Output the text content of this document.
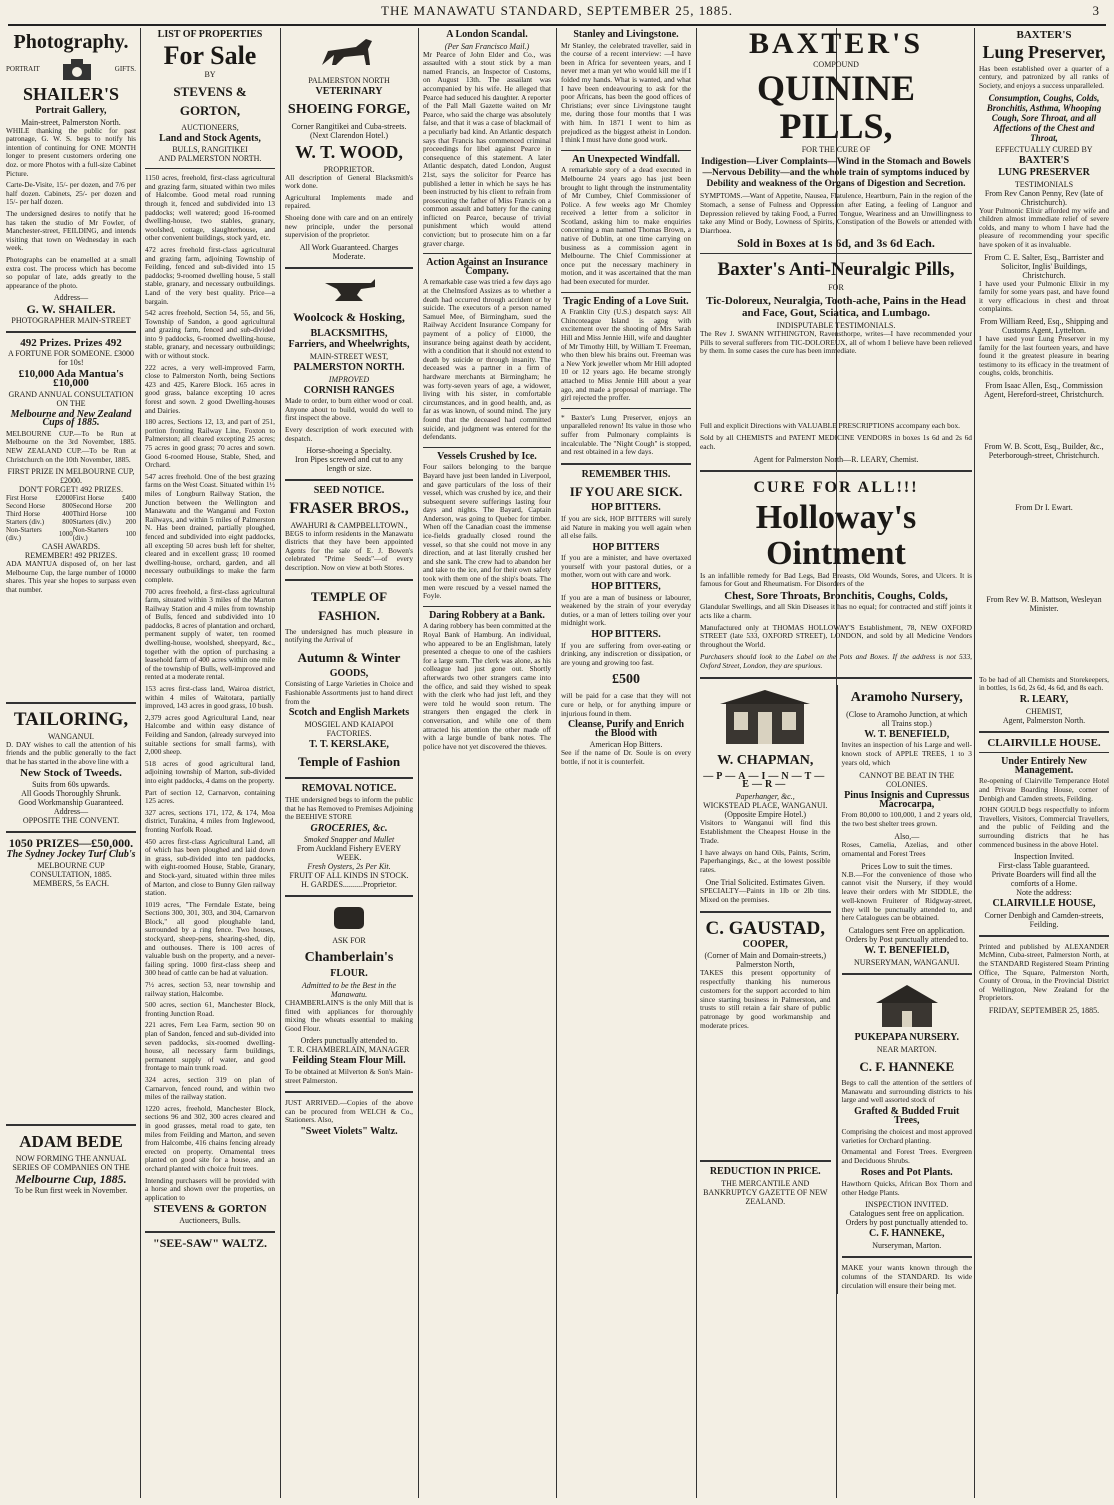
THE MANAWATU STANDARD, SEPTEMBER 25, 1885.	3
Photography.
PORTRAIT	GIFTS.
SHAILER'S
Portrait Gallery,
Main-street, Palmerston North.

WHILE thanking the public for past patronage, G. W. S. begs to notify his intention of continuing for ONE MONTH longer to present customers ordering one doz. or more Photos with a full-size Cabinet Picture.

Carte-De-Visite, 15/- per dozen, and 7/6 per half dozen. Cabinets, 25/- per dozen and 15/- per half dozen.

The undersigned desires to notify that he has taken the studio of Mr Fowler, of Manchester-street, FEILDING, and intends visiting that town on Wednesday in each week.

Photographs can be enamelled at a small extra cost. The process which has become so popular of late, adds greatly to the appearance of the photo.

Address—
G. W. SHAILER.
PHOTOGRAPHER MAIN-STREET
492 Prizes. Prizes 492
A FORTUNE FOR SOMEONE. £3000 for 10s!
£10,000 Ada Mantua's £10,000
GRAND ANNUAL CONSULTATION ON THE
Melbourne and New Zealand Cups of 1885.

MELBOURNE CUP.—To be Run at Melbourne on the 3rd November, 1885. NEW ZEALAND CUP.—To be Run at Christchurch on the 10th November, 1885.

FIRST PRIZE IN MELBOURNE CUP, £2000.
DON'T FORGET! 492 PRIZES.
First Horse	£2000	First Horse	£400
Second Horse	800	Second Horse	200
Third Horse	400	Third Horse	100
Starters (div.)	800	Starters (div.)	200
Non-Starters (div.)	1000	Non-Starters (div.)	100
CASH AWARDS.
REMEMBER! 492 PRIZES.

ADA MANTUA disposed of, on her last Melbourne Cup, the large number of 10000 shares. This year she hopes to surpass even that number.

TAILORING,
WANGANUI.

D. DAY wishes to call the attention of his friends and the public generally to the fact that he has started in the above line with a

New Stock of Tweeds.
Suits from 60s upwards.
All Goods Thoroughly Shrunk.
Good Workmanship Guaranteed.
Address—
OPPOSITE THE CONVENT.
1050 PRIZES—£50,000.
The Sydney Jockey Turf Club's
MELBOURNE CUP CONSULTATION, 1885.
MEMBERS, 5s EACH.
ADAM BEDE
NOW FORMING THE ANNUAL SERIES OF COMPANIES ON THE
Melbourne Cup, 1885.
To be Run first week in November.
LIST OF PROPERTIES
For Sale
BY
STEVENS & GORTON,
AUCTIONEERS,
Land and Stock Agents,
BULLS, RANGITIKEI
AND PALMERSTON NORTH.

1150 acres, freehold, first-class agricultural and grazing farm, situated within two miles of Halcombe. Good metal road running through it, fenced and subdivided into 13 paddocks; well watered; good 16-roomed dwelling-house, two stables, granary, woolshed, cottage, slaughterhouse, and other convenient buildings, stock yard, etc.

472 acres freehold first-class agricultural and grazing farm, adjoining Township of Feilding, fenced and sub-divided into 15 paddocks; 9-roomed dwelling house, 5 stall stable, granary, and necessary outbuildings. Land of the very best quality. Price—a bargain.

542 acres freehold, Section 54, 55, and 56, Township of Sandon, a good agricultural and grazing farm, fenced and sub-divided into 9 paddocks, 6-roomed dwelling-house, stable, granary, and necessary outbuildings; with or without stock.

222 acres, a very well-improved Farm, close to Palmerston North, being Sections 423 and 425, Karere Block. 165 acres in good grass, balance excepting 10 acres forest and sown. 2 good Dwelling-houses and Dairies.

180 acres, Sections 12, 13, and part of 251, portion fronting Railway Line, Foxton to Palmerston; all cleared excepting 25 acres; 75 acres in good grass; 70 acres and sown. Good 6-roomed House, Stable, Shed, and Orchard.

547 acres freehold. One of the best grazing farms on the West Coast. Situated within 1½ miles of Longburn Railway Station, the Junction between the Wellington and Manawatu and the Wanganui and Foxton Railways, and within 5 miles of Palmerston N. Has been drained, partially ploughed, fenced and subdivided into eight paddocks, all excepting 50 acres bush left for shelter, cleared and in excellent grass; 10 roomed dwelling-house, orchard, garden, and all necessary outbuildings to make the farm complete.

700 acres freehold, a first-class agricultural farm, situated within 3 miles of the Marton Railway Station and 4 miles from township of Bulls, fenced and subdivided into 10 paddocks, 8 acres of plantation and orchard, permanent supply of water, ten roomed dwelling-house, woolshed, sheepyard, &c., together with the option of purchasing a leasehold farm of 400 acres within one mile of the township of Bulls, well-improved and rented at a moderate rental.

153 acres first-class land, Wairoa district, within 4 miles of Waitotara, partially improved, 143 acres in good grass, 10 bush.

2,379 acres good Agricultural Land, near Halcombe and within easy distance of Feilding and Sandon, (already surveyed into suitable sections for small farms), with 2,000 sheep.

518 acres of good agricultural land, adjoining township of Marton, sub-divided into eight paddocks, 4 dams on the property.

Part of section 12, Carnarvon, containing 125 acres.

327 acres, sections 171, 172, & 174, Moa district, Turakina, 4 miles from Inglewood, fronting Norfolk Road.

450 acres first-class Agricultural Land, all of which has been ploughed and laid down in grass, sub-divided into ten paddocks, with eight-roomed House, Stable, Granary, and Stock-yard, situated within three miles of Marton, and close to Bunny Glen railway station.

1019 acres, "The Ferndale Estate, being Sections 300, 301, 303, and 304, Carnarvon Block," all good ploughable land, surrounded by a ring fence. Two houses, stockyard, sheep-pens, shearing-shed, dip, and outhouses. There is 100 acres of valuable bush on the property, and a never-failing spring. 1000 first-class sheep and 300 head of cattle can be had at valuation.

7½ acres, section 53, near township and railway station, Halcombe.

500 acres, section 61, Manchester Block, fronting Junction Road.

221 acres, Fern Lea Farm, section 90 on plan of Sandon, fenced and sub-divided into seven paddocks, six-roomed dwelling-house, all necessary farm buildings, permanent supply of water, and good frontage to main trunk road.

324 acres, section 319 on plan of Carnarvon, fenced round, and within two miles of the railway station.

1220 acres, freehold, Manchester Block, sections 96 and 302, 300 acres cleared and in good grasses, metal road to gate, ten miles from Feilding and Marton, and seven from Halcombe, 416 chains fencing already erected on property. Ornamental trees planted on good site for a house, and an orchard planted with choice fruit trees.

Intending purchasers will be provided with a horse and shown over the properties, on application to

STEVENS & GORTON
Auctioneers, Bulls.
"SEE-SAW" WALTZ.
PALMERSTON NORTH
VETERINARY
SHOEING FORGE,
Corner Rangitikei and Cuba-streets. (Next Clarendon Hotel.)
W. T. WOOD,
PROPRIETOR.

All description of General Blacksmith's work done.

Agricultural Implements made and repaired.

Shoeing done with care and on an entirely new principle, under the personal supervision of the proprietor.

All Work Guaranteed. Charges Moderate.
Woolcock & Hosking,
BLACKSMITHS,
Farriers, and Wheelwrights,
MAIN-STREET WEST,
PALMERSTON NORTH.
IMPROVED
CORNISH RANGES

Made to order, to burn either wood or coal. Anyone about to build, would do well to first inspect the above.

Every description of work executed with despatch.

Horse-shoeing a Specialty.
Iron Pipes screwed and cut to any length or size.
SEED NOTICE.
FRASER BROS.,
AWAHURI & CAMPBELLTOWN.,

BEGS to inform residents in the Manawatu districts that they have been appointed Agents for the sale of E. J. Bowen's celebrated "Prime Seeds"—of every description. Now on view at both Stores.

TEMPLE OF FASHION.

The undersigned has much pleasure in notifying the Arrival of

Autumn & Winter
GOODS,

Consisting of Large Varieties in Choice and Fashionable Assortments just to hand direct from the

Scotch and English Markets
MOSGIEL AND KAIAPOI
FACTORIES.
T. T. KERSLAKE,
Temple of Fashion
REMOVAL NOTICE.

THE undersigned begs to inform the public that he has Removed to Premises Adjoining the BEEHIVE STORE

GROCERIES, &c.
Smoked Snapper and Mullet
From Auckland Fishery EVERY WEEK.
Fresh Oysters, 2s Per Kit.
FRUIT OF ALL KINDS IN STOCK.
H. GARDES..........Proprietor.
ASK FOR
Chamberlain's
FLOUR.
Admitted to be the Best in the Manawatu.

CHAMBERLAIN'S is the only Mill that is fitted with appliances for thoroughly mixing the wheats essential to making Good Flour.

Orders punctually attended to.
T. R. CHAMBERLAIN, MANAGER
Feilding Steam Flour Mill.

To be obtained at Milverton & Son's Main-street Palmerston.

JUST ARRIVED.—Copies of the above can be procured from WELCH & Co., Stationers. Also,

"Sweet Violets" Waltz.
A London Scandal.
(Per San Francisco Mail.)

Mr Pearce of John Elder and Co., was assaulted with a stout stick by a man named Francis, an Inspector of Customs, on August 13th. The assailant was accompanied by his wife. He alleged that Pearce had seduced his daughter. A reporter of the Pall Mall Gazette waited on Mr Pearce, who said the charge was absolutely false, and that it was a case of blackmail of a peculiarly bad kind. An Atlantic despatch says that Francis has commenced criminal proceedings for libel against Pearce in consequence of this statement. A later Atlantic despatch, dated London, August 21st, says the solicitor for Pearce has published a letter in which he says he has been instructed by his client to refrain from prosecuting the father of Miss Francis on a common assault and battery for the caning inflicted on Pearce, because of trivial punishment which would attend conviction; but to prosecute him on a far graver charge.

Action Against an Insurance Company.

A remarkable case was tried a few days ago at the Chelmsford Assizes as to whether a death had occurred through accident or by suicide. The executors of a person named Samuel Mee, of Birmingham, sued the Railway Accident Insurance Company for payment of a policy of £1000, the insurance being against death by accident, with a condition that it should not extend to death by suicide or through insanity. The deceased was a partner in a firm of hardware merchants at Birmingham; he was forty-seven years of age, a widower, living with his sister, in comfortable circumstances, and in good health, and, as far as was known, of sound mind. The jury found that the deceased had committed suicide, and judgment was entered for the defendants.

Vessels Crushed by Ice.

Four sailors belonging to the barque Bayard have just been landed in Liverpool, and gave particulars of the loss of their vessel, which was crushed by ice, and their subsequent severe sufferings lasting four days and nights. The Bayard, Captain Anderson, was going to Quebec for timber. When off the Canadian coast the immense ice-fields gradually closed round the vessel, so that she could not move in any direction, and at last literally crushed her and she sank. The crew had to abandon her and take to the ice, and for their own safety took with them one of the ship's boats. The men were rescued by a vessel named the Foyle.

Daring Robbery at a Bank.

A daring robbery has been committed at the Royal Bank of Hamburg. An individual, who appeared to be an Englishman, lately presented a cheque to one of the cashiers for a large sum. The clerk was alone, as his colleague had just gone out. Shortly afterwards two other strangers came into the office, and said they wished to speak with the clerk who had just left, and they were told he would soon return. The strangers then engaged the clerk in conversation, and while one of them attracted his attention the other made off with a large bundle of bank notes. The police have not yet discovered the thieves.

Stanley and Livingstone.

Mr Stanley, the celebrated traveller, said in the course of a recent interview: —I have been in Africa for seventeen years, and I never met a man yet who would kill me if I folded my hands. What is wanted, and what I have been endeavouring to ask for the poor Africans, has been the good offices of Christians; ever since Livingstone taught me, during those four months that I was with him. In 1871 I went to him as prejudiced as the biggest atheist in London. I think I must have done good work.

An Unexpected Windfall.

A remarkable story of a dead executed in Melbourne 24 years ago has just been brought to light through the instrumentality of Mr Cumbey, Chief Commissioner of Police. A few weeks ago Mr Chomley received a letter from a solicitor in Scotland, asking him to make enquiries concerning a man named Thomas Brown, a native of Dublin, at one time carrying on business as a commission agent in Melbourne. The Chief Commissioner at once put the necessary machinery in motion, and it was ascertained that the man had been executed for murder.

Tragic Ending of a Love Suit.

A Franklin City (U.S.) despatch says: All Chincoteague Island is agog with excitement over the shooting of Mrs Sarah Hill and Miss Jennie Hill, wife and daughter of Mr Timothy Hill, by William T. Freeman, who then blew his brains out. Freeman was a New York jeweller whom Mr Hill adopted 10 or 12 years ago. He became strongly attached to Miss Jennie Hill about a year ago, and made a proposal of marriage. The girl rejected the proffer.

* Baxter's Lung Preserver, enjoys an unparalleled renown! Its value in those who suffer from Pulmonary complaints is incalculable. The "Night Cough" is stopped, and rest obtained in a few days.

REMEMBER THIS.
IF YOU ARE SICK.
HOP BITTERS.

If you are sick, HOP BITTERS will surely aid Nature in making you well again when all else fails.

HOP BITTERS

If you are a minister, and have overtaxed yourself with your pastoral duties, or a mother, worn out with care and work.

HOP BITTERS,

If you are a man of business or labourer, weakened by the strain of your everyday duties, or a man of letters toiling over your midnight work.

HOP BITTERS.

If you are suffering from over-eating or drinking, any indiscretion or dissipation, or are young and growing too fast.

£500

will be paid for a case that they will not cure or help, or for anything impure or injurious found in them.

Cleanse, Purify and Enrich the Blood with
American Hop Bitters.

See if the name of Dr. Soule is on every bottle, if not it is counterfeit.

BAXTER'S
COMPOUND
QUININE PILLS,
FOR THE CURE OF
Indigestion—Liver Complaints—Wind in the Stomach and Bowels—Nervous Debility—and the whole train of symptoms induced by Debility and weakness of the Organs of Digestion and Secretion.

SYMPTOMS.—Want of Appetite, Nausea, Flatulence, Heartburn, Pain in the region of the Stomach, a sense of Fulness and Oppression after Eating, a feeling of Languor and Depression relieved by taking Food, a Furred Tongue, Weariness and an Unwillingness to take any Mind or Body, Lowness of Spirits, Constipation of the Bowels or attended with Diarrhoea.

Sold in Boxes at 1s 6d, and 3s 6d Each.
Baxter's Anti-Neuralgic Pills,
FOR
Tic-Doloreux, Neuralgia, Tooth-ache, Pains in the Head and Face, Gout, Sciatica, and Lumbago.
INDISPUTABLE TESTIMONIALS.

The Rev J. SWANN WITHINGTON, Ravensthorpe, writes—I have recommended your Pills to several sufferers from TIC-DOLOREUX, all of whom I believe have been relieved by them. In some cases the cure has been immediate.

Full and explicit Directions with VALUABLE PRESCRIPTIONS accompany each box.

Sold by all CHEMISTS and PATENT MEDICINE VENDORS in boxes 1s 6d and 2s 6d each.

Agent for Palmerston North—R. LEARY, Chemist.
CURE FOR ALL!!!
Holloway's Ointment

Is an infallible remedy for Bad Legs, Bad Breasts, Old Wounds, Sores, and Ulcers. It is famous for Gout and Rheumatism. For Disorders of the

Chest, Sore Throats, Bronchitis, Coughs, Colds,

Glandular Swellings, and all Skin Diseases it has no equal; for contracted and stiff joints it acts like a charm.

Manufactured only at THOMAS HOLLOWAY'S Establishment, 78, NEW OXFORD STREET (late 533, OXFORD STREET), LONDON, and sold by all Medicine Vendors throughout the World.

Purchasers should look to the Label on the Pots and Boxes. If the address is not 533, Oxford Street, London, they are spurious.

W. CHAPMAN,
—P—A—I—N—T—E—R—
Paperhanger, &c.,
WICKSTEAD PLACE, WANGANUI.
(Opposite Empire Hotel.)

Visitors to Wanganui will find this Establishment the Cheapest House in the Trade.

I have always on hand Oils, Paints, Scrim, Paperhangings, &c., at the lowest possible rates.

One Trial Solicited. Estimates Given.

SPECIALTY—Paints in 1lb or 2lb tins. Mixed on the premises.

C. GAUSTAD,
COOPER,
(Corner of Main and Domain-streets,) Palmerston North,

TAKES this present opportunity of respectfully thanking his numerous customers for the support accorded to him since starting business in Palmerston, and trusts to still retain a fair share of public patronage by good workmanship and moderate prices.

REDUCTION IN PRICE.
THE MERCANTILE AND BANKRUPTCY GAZETTE OF NEW ZEALAND.
Aramoho Nursery,
(Close to Aramoho Junction, at which all Trains stop.)
W. T. BENEFIELD,

Invites an inspection of his Large and well-known stock of APPLE TREES, 1 to 3 years old, which

CANNOT BE BEAT IN THE COLONIES.
Pinus Insignis and Cupressus Macrocarpa,

From 80,000 to 100,000, 1 and 2 years old, the two best shelter trees grown.

Also,—

Roses, Camelia, Azelias, and other ornamental and Forest Trees

Prices Low to suit the times.

N.B.—For the convenience of those who cannot visit the Nursery, if they would leave their orders with Mr SIDDLE, the well-known Fruiterer of Ridgway-street, they will be punctually attended to, and here Catalogues can be obtained.

Catalogues sent Free on application.
Orders by Post punctually attended to.
W. T. BENEFIELD,
NURSERYMAN, WANGANUI.
PUKEPAPA NURSERY.
NEAR MARTON.
C. F. HANNEKE

Begs to call the attention of the settlers of Manawatu and surrounding districts to his large and well assorted stock of

Grafted & Budded Fruit Trees,

Comprising the choicest and most approved varieties for Orchard planting.

Ornamental and Forest Trees. Evergreen and Deciduous Shrubs.

Roses and Pot Plants.

Hawthorn Quicks, African Box Thorn and other Hedge Plants.

INSPECTION INVITED.
Catalogues sent free on application.
Orders by post punctually attended to.
C. F. HANNEKE,
Nurseryman, Marton.

MAKE your wants known through the columns of the STANDARD. Its wide circulation will ensure their being met.

BAXTER'S
Lung Preserver,

Has been established over a quarter of a century, and patronized by all ranks of Society, and enjoys a success unparalleled.

Consumption, Coughs, Colds, Bronchitis, Asthma, Whooping Cough, Sore Throat, and all Affections of the Chest and Throat,
EFFECTUALLY CURED BY
BAXTER'S
LUNG PRESERVER
TESTIMONIALS
From Rev Canon Penny, Rev (late of Christchurch).

Your Pulmonic Elixir afforded my wife and children almost immediate relief of severe colds, and many to whom I have had the pleasure of recommending your specific have spoken of it as invaluable.

From C. E. Salter, Esq., Barrister and Solicitor, Inglis' Buildings, Christchurch.

I have used your Pulmonic Elixir in my family for some years past, and have found it very efficacious in chest and throat complaints.

From William Reed, Esq., Shipping and Customs Agent, Lyttelton.

I have used your Lung Preserver in my family for the last fourteen years, and have found it the greatest pleasure in bearing testimony to its efficacy in the treatment of coughs, colds, bronchitis.

From Isaac Allen, Esq., Commission Agent, Hereford-street, Christchurch.

From W. B. Scott, Esq., Builder, &c., Peterborough-street, Christchurch.

From Dr I. Ewart.

From Rev W. B. Mattson, Wesleyan Minister.

To be had of all Chemists and Storekeepers, in bottles, 1s 6d, 2s 6d, 4s 6d, and 8s each.

R. LEARY,
CHEMIST,
Agent, Palmerston North.
CLAIRVILLE HOUSE.
Under Entirely New Management.

Re-opening of Clairville Temperance Hotel and Private Boarding House, corner of Denbigh and Camden streets, Feilding.

JOHN GOULD begs respectfully to inform Travellers, Visitors, Commercial Travellers, and the public of Feilding and the surrounding districts that he has commenced business in the above Hotel.

Inspection Invited.
First-class Table guaranteed.
Private Boarders will find all the comforts of a Home.
Note the address:
CLAIRVILLE HOUSE,
Corner Denbigh and Camden-streets, Feilding.

Printed and published by ALEXANDER McMinn, Cuba-street, Palmerston North, at the STANDARD Registered Steam Printing Office, The Square, Palmerston North, County of Oroua, in the Provincial District of Wellington, New Zealand for the Proprietors.

FRIDAY, SEPTEMBER 25, 1885.
